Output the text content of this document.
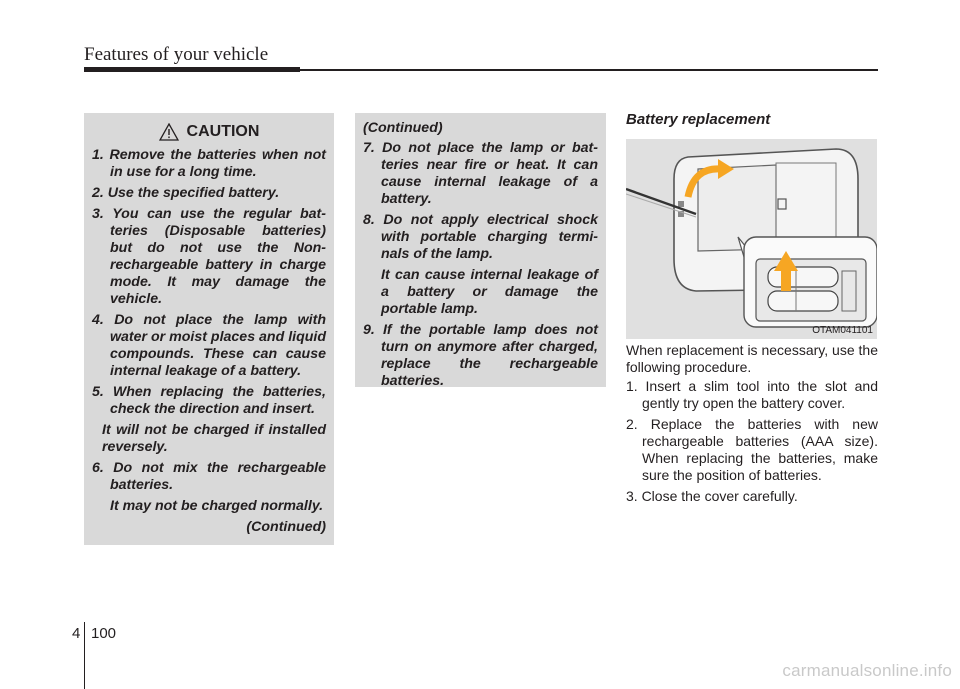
Features of your vehicle
CAUTION

1. Remove the batteries when not in use for a long time.

2. Use the specified battery.

3. You can use the regular batteries (Disposable batteries) but do not use the Non-rechargeable battery in charge mode. It may damage the vehicle.

4. Do not place the lamp with water or moist places and liquid compounds. These can cause internal leakage of a battery.

5. When replacing the batteries, check the direction and insert.

It will not be charged if installed reversely.

6. Do not mix the rechargeable batteries.

It may not be charged normally.

(Continued)
(Continued)

7. Do not place the lamp or batteries near fire or heat. It can cause internal leakage of a battery.

8. Do not apply electrical shock with portable charging terminals of the lamp.

It can cause internal leakage of a battery or damage the portable lamp.

9. If the portable lamp does not turn on anymore after charged, replace the rechargeable batteries.

Battery replacement
OTAM041101

When replacement is necessary, use the following procedure.

1. Insert a slim tool into the slot and gently try open the battery cover.

2. Replace the batteries with new rechargeable batteries (AAA size). When replacing the batteries, make sure the position of batteries.

3. Close the cover carefully.

4 100
carmanualsonline.info
